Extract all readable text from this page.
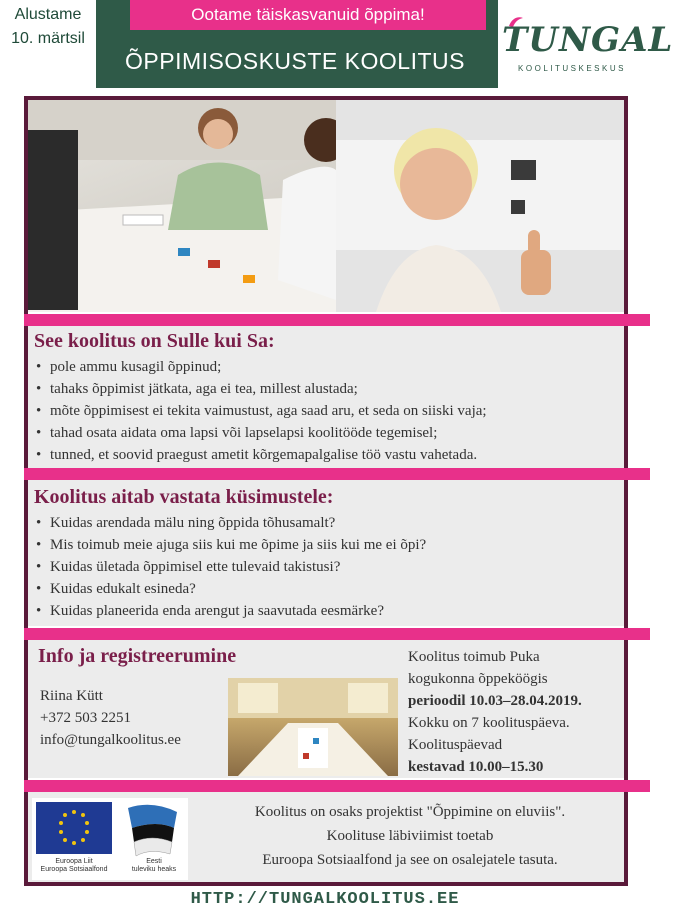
Alustame
10. märtsil
Ootame täiskasvanuid õppima!
ÕPPIMISOSKUSTE KOOLITUS
TUNGAL
KOOLITUSKESKUS
See koolitus on Sulle kui Sa:
• pole ammu kusagil õppinud;
• tahaks õppimist jätkata, aga ei tea, millest alustada;
• mõte õppimisest ei tekita vaimustust, aga saad aru, et seda on siiski vaja;
• tahad osata aidata oma lapsi või lapselapsi koolitööde tegemisel;
• tunned, et soovid praegust ametit kõrgemapalgalise töö vastu vahetada.
Koolitus aitab vastata küsimustele:
• Kuidas arendada mälu ning õppida tõhusamalt?
• Mis toimub meie ajuga siis kui me õpime ja siis kui me ei õpi?
• Kuidas ületada õppimisel ette tulevaid takistusi?
• Kuidas edukalt esineda?
• Kuidas planeerida enda arengut ja saavutada eesmärke?
Info ja registreerumine
Riina Kütt
+372 503 2251
info@tungalkoolitus.ee
Koolitus toimub Puka
kogukonna õppeköögis
perioodil 10.03–28.04.2019.
Kokku on 7 koolituspäeva.
Koolituspäevad
kestavad 10.00–15.30
Euroopa Liit
Euroopa Sotsiaalfond
Eesti
tuleviku heaks
Koolitus on osaks projektist "Õppimine on eluviis".
Koolituse läbiviimist toetab
Euroopa Sotsiaalfond ja see on osalejatele tasuta.
HTTP://TUNGALKOOLITUS.EE
